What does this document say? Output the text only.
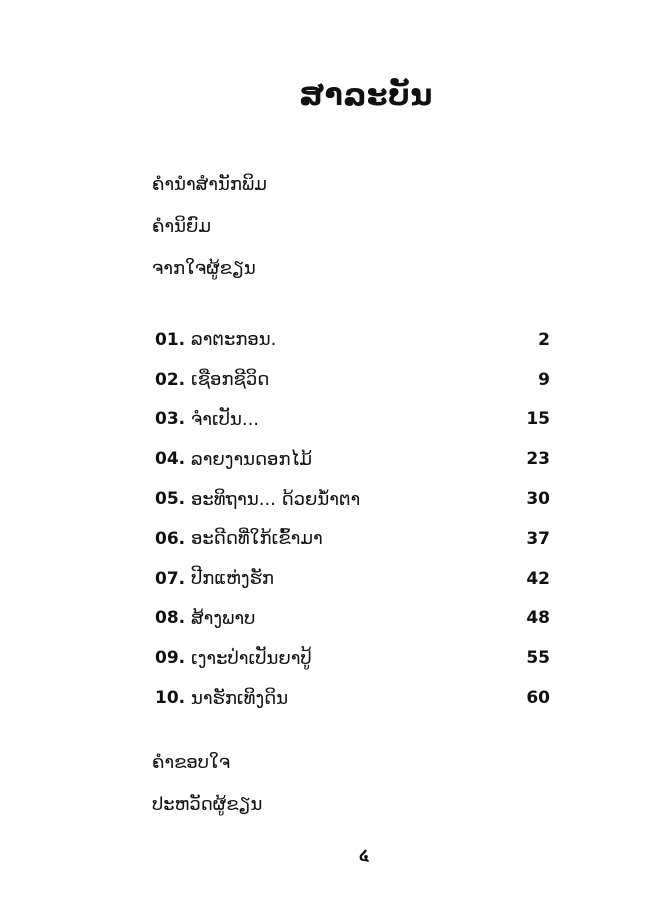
ສາລະບັນ
ຄຳນຳສຳນັກພິມ
ຄຳນິຍົມ
ຈາກໃຈຜູ້ຂຽນ
01. ລາຕະກອນ.	2
02. ເຊືອກຊີວິດ	9
03. ຈຳເປັນ...	15
04. ລາຍງານດອກໄມ້	23
05. ອະທິຖານ... ດ້ວຍນ້ຳຕາ	30
06. ອະດີດທີ່ໃກ້ເຂົ້າມາ	37
07. ປີກແຫ່ງຮັກ	42
08. ສ້າງພາບ	48
09. ເງາະປ່າເປັນຍາປູ້	55
10. ນາຮັກເທິງດິນ	60
ຄຳຂອບໃຈ
ປະຫວັດຜູ້ຂຽນ
໔
